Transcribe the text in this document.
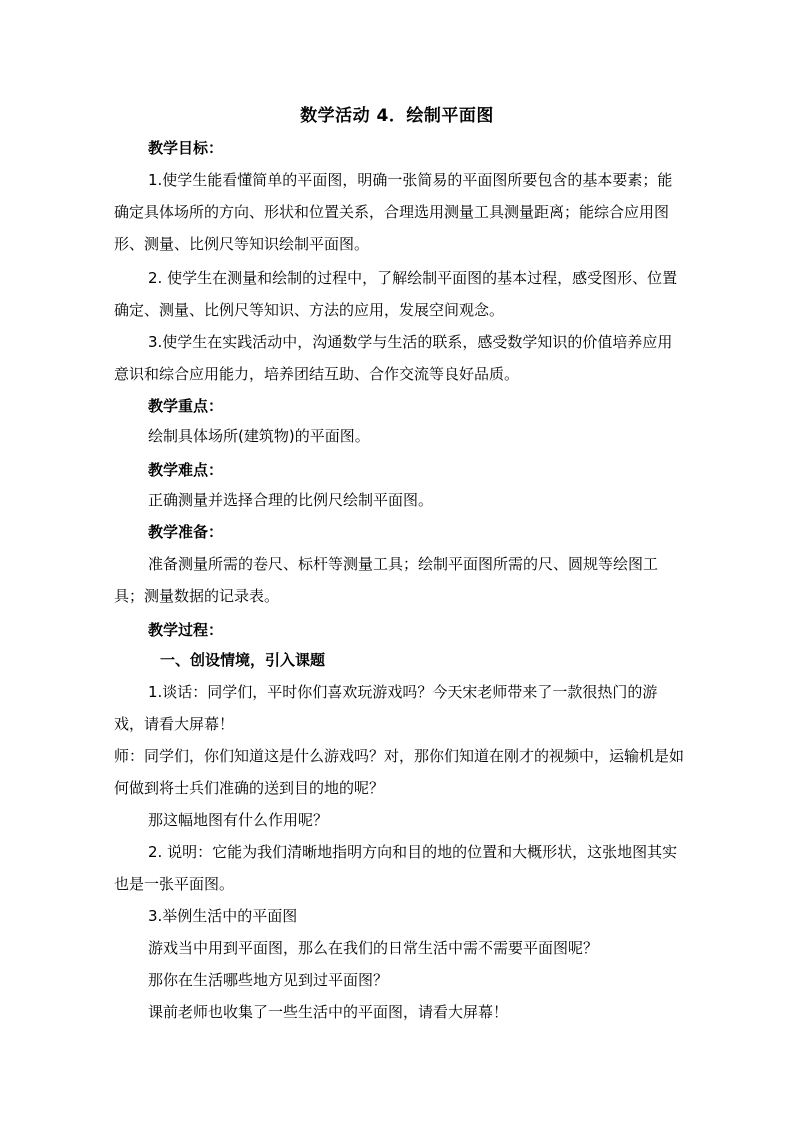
数学活动 4．绘制平面图
教学目标：
1.使学生能看懂简单的平面图，明确一张简易的平面图所要包含的基本要素；能确定具体场所的方向、形状和位置关系，合理选用测量工具测量距离；能综合应用图形、测量、比例尺等知识绘制平面图。
2. 使学生在测量和绘制的过程中，了解绘制平面图的基本过程，感受图形、位置确定、测量、比例尺等知识、方法的应用，发展空间观念。
3.使学生在实践活动中，沟通数学与生活的联系，感受数学知识的价值培养应用意识和综合应用能力，培养团结互助、合作交流等良好品质。
教学重点：
绘制具体场所(建筑物)的平面图。
教学难点：
正确测量并选择合理的比例尺绘制平面图。
教学准备：
准备测量所需的卷尺、标杆等测量工具；绘制平面图所需的尺、圆规等绘图工具；测量数据的记录表。
教学过程：
一、创设情境，引入课题
1.谈话：同学们，平时你们喜欢玩游戏吗？今天宋老师带来了一款很热门的游戏，请看大屏幕！
师：同学们，你们知道这是什么游戏吗？对，那你们知道在刚才的视频中，运输机是如何做到将士兵们准确的送到目的地的呢？
那这幅地图有什么作用呢？
2. 说明：它能为我们清晰地指明方向和目的地的位置和大概形状，这张地图其实也是一张平面图。
3.举例生活中的平面图
游戏当中用到平面图，那么在我们的日常生活中需不需要平面图呢？
那你在生活哪些地方见到过平面图？
课前老师也收集了一些生活中的平面图，请看大屏幕！
